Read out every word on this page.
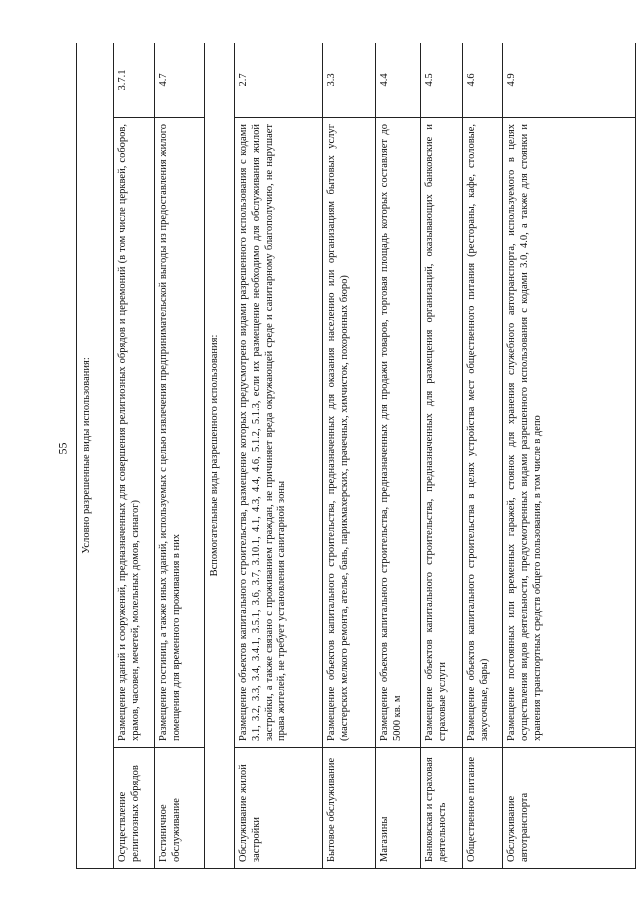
55 Условно разрешенные виды использования:		
Осуществление религиозных обрядов	Размещение зданий и сооружений, предназначенных для совершения религиозных обрядов и церемоний (в том числе церквей, соборов, храмов, часовен, мечетей, молельных домов, синагог)	3.7.1
Гостиничное обслуживание	Размещение гостиниц, а также иных зданий, используемых с целью извлечения предпринимательской выгоды из предоставления жилого помещения для временного проживания в них	4.7
Вспомогательные виды разрешенного использования:		
Обслуживание жилой застройки	Размещение объектов капитального строительства, размещение которых предусмотрено видами разрешенного использования с кодами 3.1, 3.2, 3.3, 3.4, 3.4.1, 3.5.1, 3.6, 3.7, 3.10.1, 4.1, 4.3, 4.4, 4.6, 5.1.2, 5.1.3, если их размещение необходимо для обслуживания жилой застройки, а также связано с проживанием граждан, не причиняет вреда окружающей среде и санитарному благополучию, не нарушает права жителей, не требует установления санитарной зоны	2.7
Бытовое обслуживание	Размещение объектов капитального строительства, предназначенных для оказания населению или организациям бытовых услуг (мастерских мелкого ремонта, ателье, бань, парикмахерских, прачечных, химчисток, похоронных бюро)	3.3
Магазины	Размещение объектов капитального строительства, предназначенных для продажи товаров, торговая площадь которых составляет до 5000 кв. м	4.4
Банковская и страховая деятельность	Размещение объектов капитального строительства, предназначенных для размещения организаций, оказывающих банковские и страховые услуги	4.5
Общественное питание	Размещение объектов капитального строительства в целях устройства мест общественного питания (рестораны, кафе, столовые, закусочные, бары)	4.6
Обслуживание автотранспорта	Размещение постоянных или временных гаражей, стоянок для хранения служебного автотранспорта, используемого в целях осуществления видов деятельности, предусмотренных видами разрешенного использования с кодами 3.0, 4.0, а также для стоянки и хранения транспортных средств общего пользования, в том числе в депо	4.9
